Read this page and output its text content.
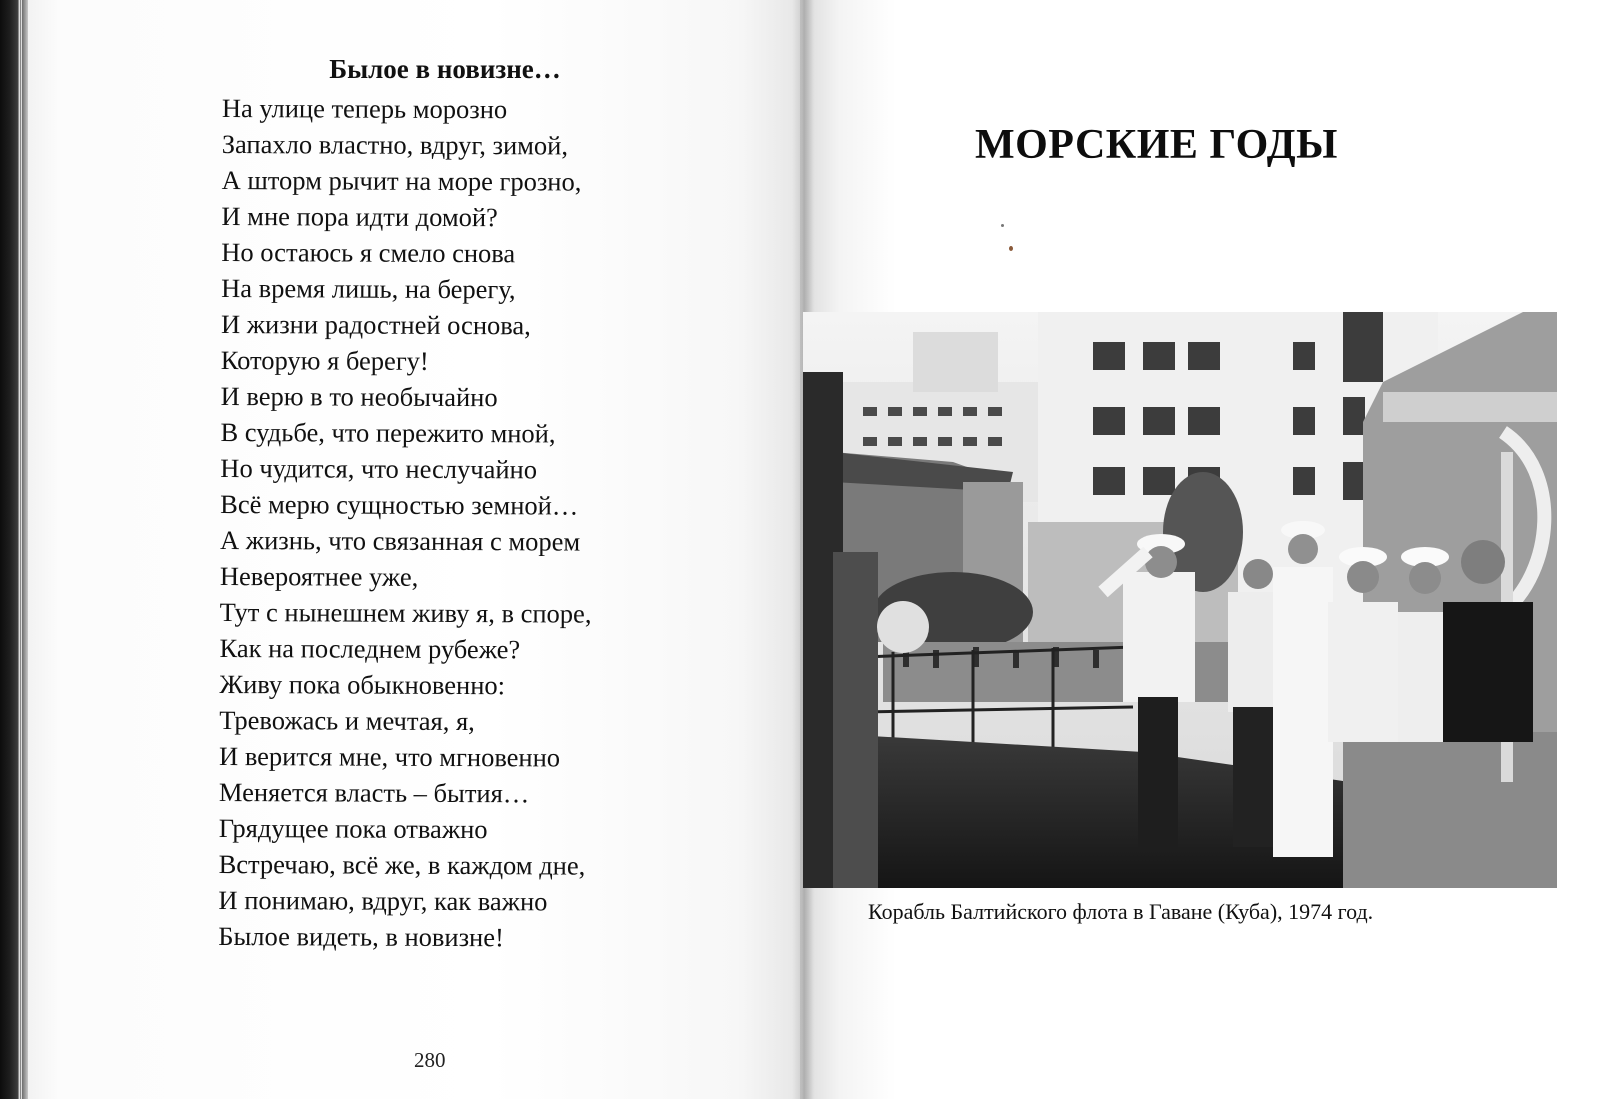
Былое в новизне…
На улице теперь морозно
Запахло властно, вдруг, зимой,
А шторм рычит на море грозно,
И мне пора идти домой?
Но остаюсь я смело снова
На время лишь, на берегу,
И жизни радостней основа,
Которую я берегу!
И верю в то необычайно
В судьбе, что пережито мной,
Но чудится, что неслучайно
Всё мерю сущностью земной…
А жизнь, что связанная с морем
Невероятнее уже,
Тут с нынешнем живу я, в споре,
Как на последнем рубеже?
Живу пока обыкновенно:
Тревожась и мечтая, я,
И верится мне, что мгновенно
Меняется власть – бытия…
Грядущее пока отважно
Встречаю, всё же, в каждом дне,
И понимаю, вдруг, как важно
Былое видеть, в новизне!
280
МОРСКИЕ ГОДЫ
Корабль Балтийского флота в Гаване (Куба), 1974 год.
